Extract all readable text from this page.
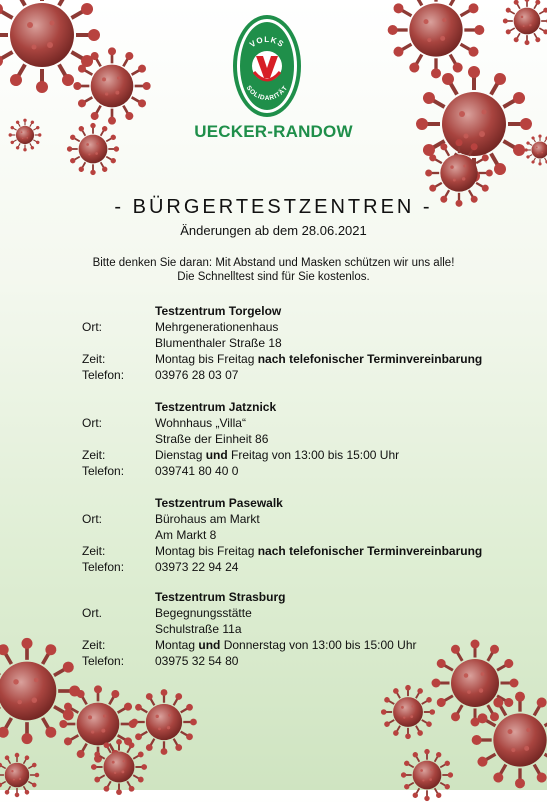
VOLKS
SOLIDARITÄT
UECKER-RANDOW
- BÜRGERTESTZENTREN -
Änderungen ab dem 28.06.2021
Bitte denken Sie daran: Mit Abstand und Masken schützen wir uns alle!
Die Schnelltest sind für Sie kostenlos.
Testzentrum Torgelow
Ort:	Mehrgenerationenhaus
Blumenthaler Straße 18
Zeit:	Montag bis Freitag nach telefonischer Terminvereinbarung
Telefon:	03976 28 03 07
Testzentrum Jatznick
Ort:	Wohnhaus „Villa“
Straße der Einheit 86
Zeit:	Dienstag und Freitag von 13:00 bis 15:00 Uhr
Telefon:	039741 80 40 0
Testzentrum Pasewalk
Ort:	Bürohaus am Markt
Am Markt 8
Zeit:	Montag bis Freitag nach telefonischer Terminvereinbarung
Telefon:	03973 22 94 24
Testzentrum Strasburg
Ort.	Begegnungsstätte
Schulstraße 11a
Zeit:	Montag und Donnerstag von 13:00 bis 15:00 Uhr
Telefon:	03975 32 54 80
